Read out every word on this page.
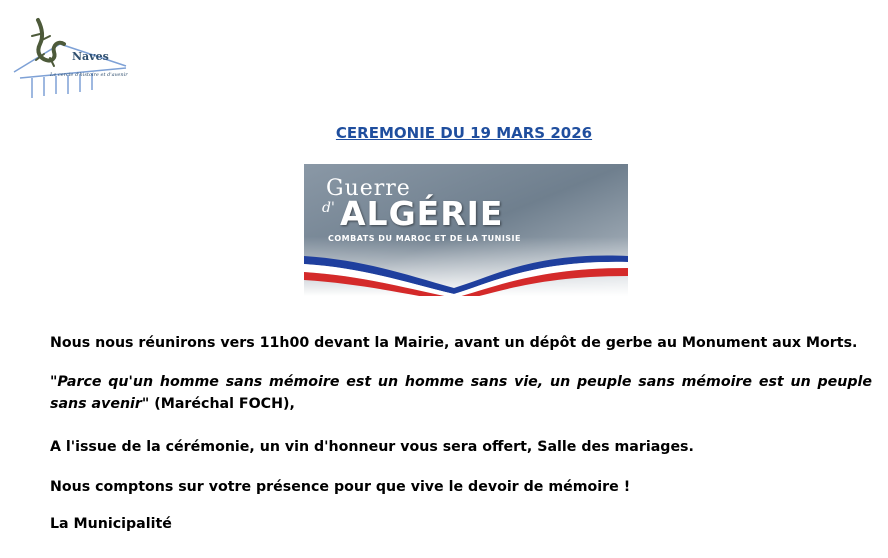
Naves
Le cercle d'histoire et d'avenir
CEREMONIE DU 19 MARS 2026
Guerre
d' ALGÉRIE
COMBATS DU MAROC ET DE LA TUNISIE
Nous nous réunirons vers 11h00 devant la Mairie, avant un dépôt de gerbe au Monument aux Morts.
"Parce qu'un homme sans mémoire est un homme sans vie, un peuple sans mémoire est un peuple sans avenir" (Maréchal FOCH),
A l'issue de la cérémonie, un vin d'honneur vous sera offert, Salle des mariages.
Nous comptons sur votre présence pour que vive le devoir de mémoire !
La Municipalité
